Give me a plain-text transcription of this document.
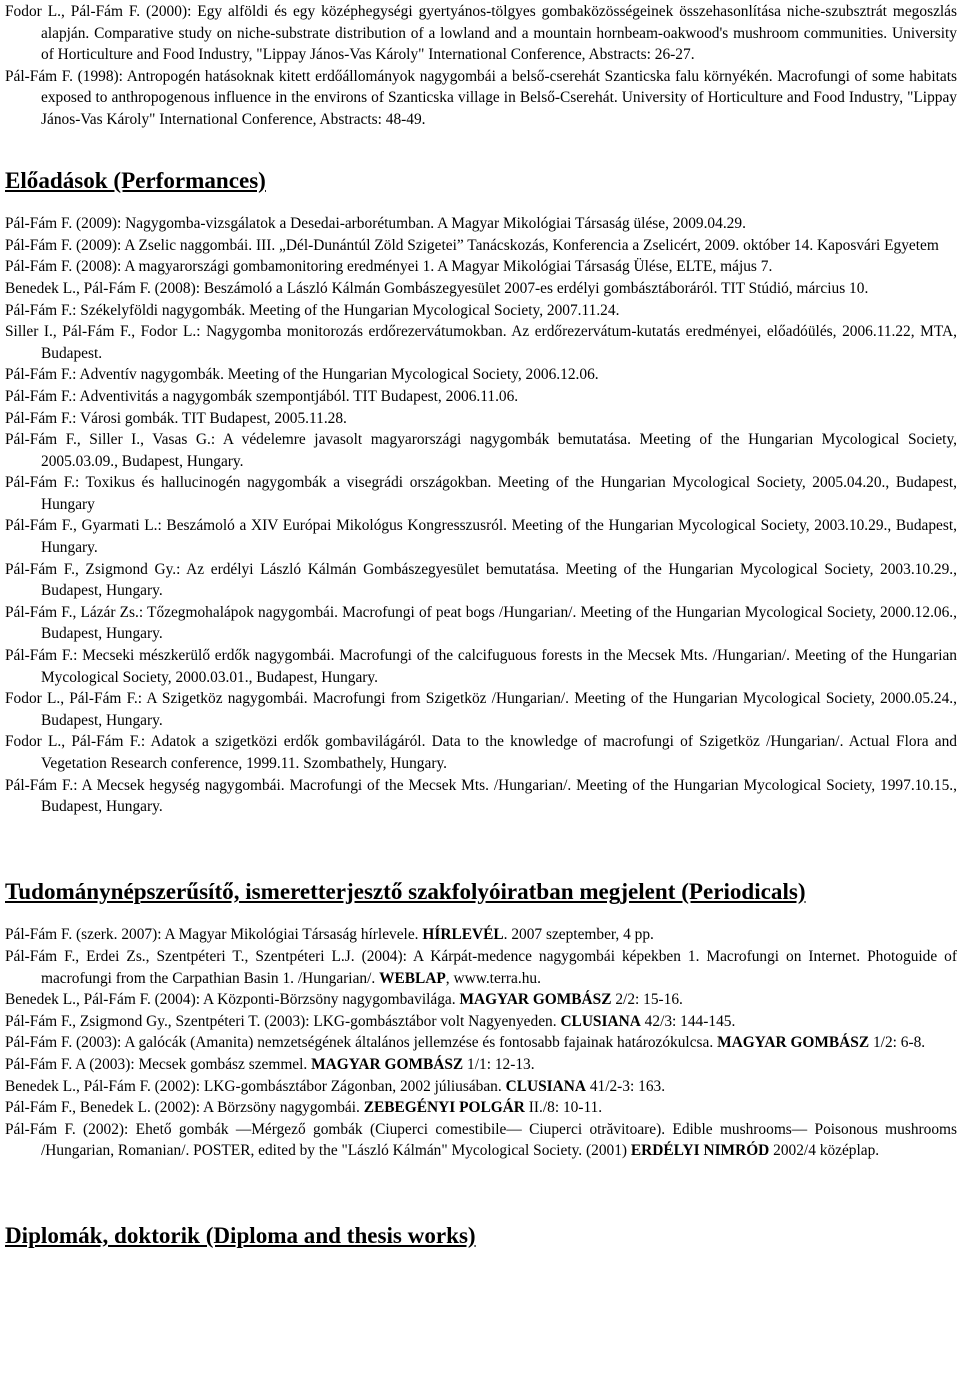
Fodor L., Pál-Fám F. (2000): Egy alföldi és egy középhegységi gyertyános-tölgyes gombaközösségeinek összehasonlítása niche-szubsztrát megoszlás alapján. Comparative study on niche-substrate distribution of a lowland and a mountain hornbeam-oakwood's mushroom communities. University of Horticulture and Food Industry, "Lippay János-Vas Károly" International Conference, Abstracts: 26-27.

Pál-Fám F. (1998): Antropogén hatásoknak kitett erdőállományok nagygombái a belső-cserehát Szanticska falu környékén. Macrofungi of some habitats exposed to anthropogenous influence in the environs of Szanticska village in Belső-Cserehát. University of Horticulture and Food Industry, "Lippay János-Vas Károly" International Conference, Abstracts: 48-49.

Előadások (Performances)

Pál-Fám F. (2009): Nagygomba-vizsgálatok a Desedai-arborétumban. A Magyar Mikológiai Társaság ülése, 2009.04.29.

Pál-Fám F. (2009): A Zselic naggombái. III. „Dél-Dunántúl Zöld Szigetei” Tanácskozás, Konferencia a Zselicért, 2009. október 14. Kaposvári Egyetem

Pál-Fám F. (2008): A magyarországi gombamonitoring eredményei 1. A Magyar Mikológiai Társaság Ülése, ELTE, május 7.

Benedek L., Pál-Fám F. (2008): Beszámoló a László Kálmán Gombászegyesület 2007-es erdélyi gombásztáboráról. TIT Stúdió, március 10.

Pál-Fám F.: Székelyföldi nagygombák. Meeting of the Hungarian Mycological Society, 2007.11.24.

Siller I., Pál-Fám F., Fodor L.: Nagygomba monitorozás erdőrezervátumokban. Az erdőrezervátum-kutatás eredményei, előadóülés, 2006.11.22, MTA, Budapest.

Pál-Fám F.: Adventív nagygombák. Meeting of the Hungarian Mycological Society, 2006.12.06.

Pál-Fám F.: Adventivitás a nagygombák szempontjából. TIT Budapest, 2006.11.06.

Pál-Fám F.: Városi gombák. TIT Budapest, 2005.11.28.

Pál-Fám F., Siller I., Vasas G.: A védelemre javasolt magyarországi nagygombák bemutatása. Meeting of the Hungarian Mycological Society, 2005.03.09., Budapest, Hungary.

Pál-Fám F.: Toxikus és hallucinogén nagygombák a visegrádi országokban. Meeting of the Hungarian Mycological Society, 2005.04.20., Budapest, Hungary

Pál-Fám F., Gyarmati L.: Beszámoló a XIV Európai Mikológus Kongresszusról. Meeting of the Hungarian Mycological Society, 2003.10.29., Budapest, Hungary.

Pál-Fám F., Zsigmond Gy.: Az erdélyi László Kálmán Gombászegyesület bemutatása. Meeting of the Hungarian Mycological Society, 2003.10.29., Budapest, Hungary.

Pál-Fám F., Lázár Zs.: Tőzegmohalápok nagygombái. Macrofungi of peat bogs /Hungarian/. Meeting of the Hungarian Mycological Society, 2000.12.06., Budapest, Hungary.

Pál-Fám F.: Mecseki mészkerülő erdők nagygombái. Macrofungi of the calcifuguous forests in the Mecsek Mts. /Hungarian/. Meeting of the Hungarian Mycological Society, 2000.03.01., Budapest, Hungary.

Fodor L., Pál-Fám F.: A Szigetköz nagygombái. Macrofungi from Szigetköz /Hungarian/. Meeting of the Hungarian Mycological Society, 2000.05.24., Budapest, Hungary.

Fodor L., Pál-Fám F.: Adatok a szigetközi erdők gombavilágáról. Data to the knowledge of macrofungi of Szigetköz /Hungarian/. Actual Flora and Vegetation Research conference, 1999.11. Szombathely, Hungary.

Pál-Fám F.: A Mecsek hegység nagygombái. Macrofungi of the Mecsek Mts. /Hungarian/. Meeting of the Hungarian Mycological Society, 1997.10.15., Budapest, Hungary.

Tudománynépszerűsítő, ismeretterjesztő szakfolyóiratban megjelent (Periodicals)

Pál-Fám F. (szerk. 2007): A Magyar Mikológiai Társaság hírlevele. HÍRLEVÉL. 2007 szeptember, 4 pp.

Pál-Fám F., Erdei Zs., Szentpéteri T., Szentpéteri L.J. (2004): A Kárpát-medence nagygombái képekben 1. Macrofungi on Internet. Photoguide of macrofungi from the Carpathian Basin 1. /Hungarian/. WEBLAP, www.terra.hu.

Benedek L., Pál-Fám F. (2004): A Központi-Börzsöny nagygombavilága. MAGYAR GOMBÁSZ 2/2: 15-16.

Pál-Fám F., Zsigmond Gy., Szentpéteri T. (2003): LKG-gombásztábor volt Nagyenyeden. CLUSIANA 42/3: 144-145.

Pál-Fám F. (2003): A galócák (Amanita) nemzetségének általános jellemzése és fontosabb fajainak határozókulcsa. MAGYAR GOMBÁSZ 1/2: 6-8.

Pál-Fám F. A (2003): Mecsek gombász szemmel. MAGYAR GOMBÁSZ 1/1: 12-13.

Benedek L., Pál-Fám F. (2002): LKG-gombásztábor Zágonban, 2002 júliusában. CLUSIANA 41/2-3: 163.

Pál-Fám F., Benedek L. (2002): A Börzsöny nagygombái. ZEBEGÉNYI POLGÁR II./8: 10-11.

Pál-Fám F. (2002): Ehető gombák —Mérgező gombák (Ciuperci comestibile— Ciuperci otrăvitoare). Edible mushrooms— Poisonous mushrooms /Hungarian, Romanian/. POSTER, edited by the "László Kálmán" Mycological Society. (2001) ERDÉLYI NIMRÓD 2002/4 középlap.

Diplomák, doktorik (Diploma and thesis works)
